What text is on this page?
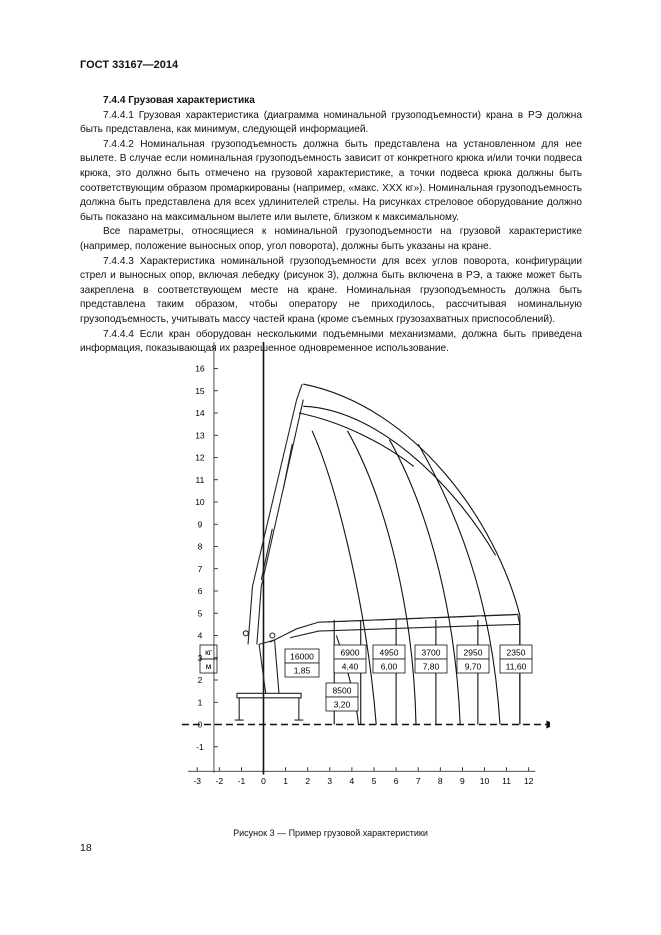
ГОСТ 33167—2014
7.4.4 Грузовая характеристика

7.4.4.1 Грузовая характеристика (диаграмма номинальной грузоподъемности) крана в РЭ должна быть представлена, как минимум, следующей информацией.

7.4.4.2 Номинальная грузоподъемность должна быть представлена на установленном для нее вылете. В случае если номинальная грузоподъемность зависит от конкретного крюка и/или точки подвеса крюка, это должно быть отмечено на грузовой характеристике, а точки подвеса крюка должны быть соответствующим образом промаркированы (например, «макс. ХХХ кг»). Номинальная грузоподъемность должна быть представлена для всех удлинителей стрелы. На рисунках стреловое оборудование должно быть показано на максимальном вылете или вылете, близком к максимальному.

Все параметры, относящиеся к номинальной грузоподъемности на грузовой характеристике (например, положение выносных опор, угол поворота), должны быть указаны на кране.

7.4.4.3 Характеристика номинальной грузоподъемности для всех углов поворота, конфигурации стрел и выносных опор, включая лебедку (рисунок 3), должна быть включена в РЭ, а также может быть закреплена в соответствующем месте на кране. Номинальная грузоподъемность должна быть представлена таким образом, чтобы оператору не приходилось, рассчитывая номинальную грузоподъемность, учитывать массу частей крана (кроме съемных грузозахватных приспособлений).

7.4.4.4 Если кран оборудован несколькими подъемными механизмами, должна быть приведена информация, показывающая их разрешенное одновременное использование.

-3 -2 -1 0 1 2 3 4 5 6 7 8 9 10 11 12
-1
0
1
2
3
4
5
6
7
8
9
10
11
12
13
14
15
16
16000
1,85
8500
3,20
6900
4,40
4950
6,00
3700
7,80
2950
9,70
2350
11,60
кг
м
Рисунок 3 — Пример грузовой характеристики
18
